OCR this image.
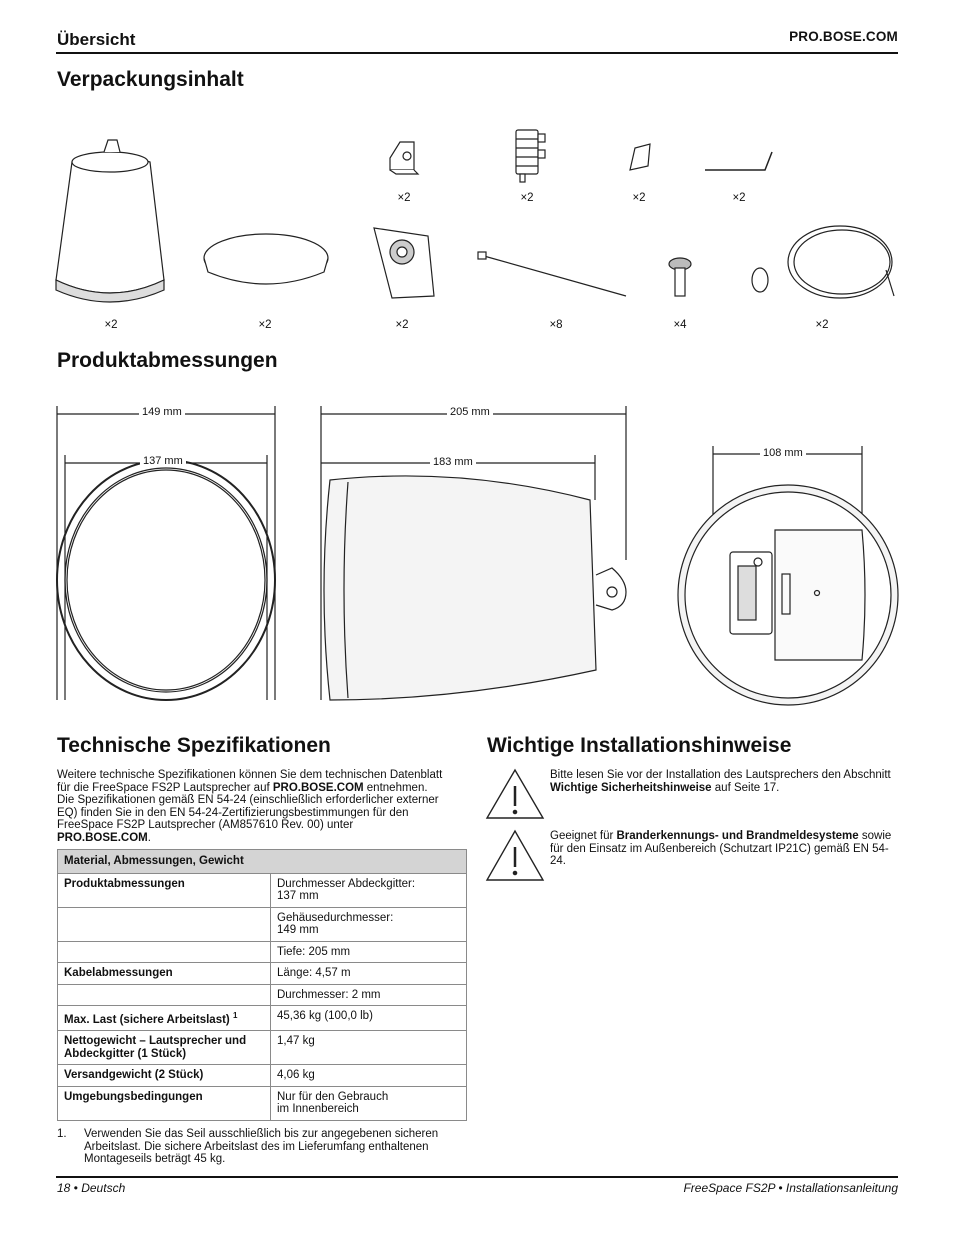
Übersicht	PRO.BOSE.COM
Verpackungsinhalt
×2	×2	×2	×2
×2	×2	×2	×8	×4	×2
Produktabmessungen
149 mm
137 mm
205 mm
183 mm
108 mm
Technische Spezifikationen
Weitere technische Spezifikationen können Sie dem technischen Datenblatt für die FreeSpace FS2P Lautsprecher auf PRO.BOSE.COM entnehmen. Die Spezifikationen gemäß EN 54-24 (einschließlich erforderlicher externer EQ) finden Sie in den EN 54-24-Zertifizierungsbestimmungen für den FreeSpace FS2P Lautsprecher (AM857610 Rev. 00) unter PRO.BOSE.COM.
Material, Abmessungen, Gewicht	
Produktabmessungen	Durchmesser Abdeckgitter:
137 mm
	Gehäusedurchmesser:
149 mm
	Tiefe: 205 mm
Kabelabmessungen	Länge: 4,57 m
	Durchmesser: 2 mm
Max. Last (sichere Arbeitslast) $^1$	45,36 kg (100,0 lb)
Nettogewicht – Lautsprecher und Abdeckgitter (1 Stück)	1,47 kg
Versandgewicht (2 Stück)	4,06 kg
Umgebungsbedingungen	Nur für den Gebrauch
im Innenbereich
1. Verwenden Sie das Seil ausschließlich bis zur angegebenen sicheren Arbeitslast. Die sichere Arbeitslast des im Lieferumfang enthaltenen Montageseils beträgt 45 kg.
Wichtige Installationshinweise
Bitte lesen Sie vor der Installation des Lautsprechers den Abschnitt Wichtige Sicherheitshinweise auf Seite 17.
Geeignet für Branderkennungs- und Brandmeldesysteme sowie für den Einsatz im Außenbereich (Schutzart IP21C) gemäß EN 54-24.
18 • Deutsch	FreeSpace FS2P • Installationsanleitung
